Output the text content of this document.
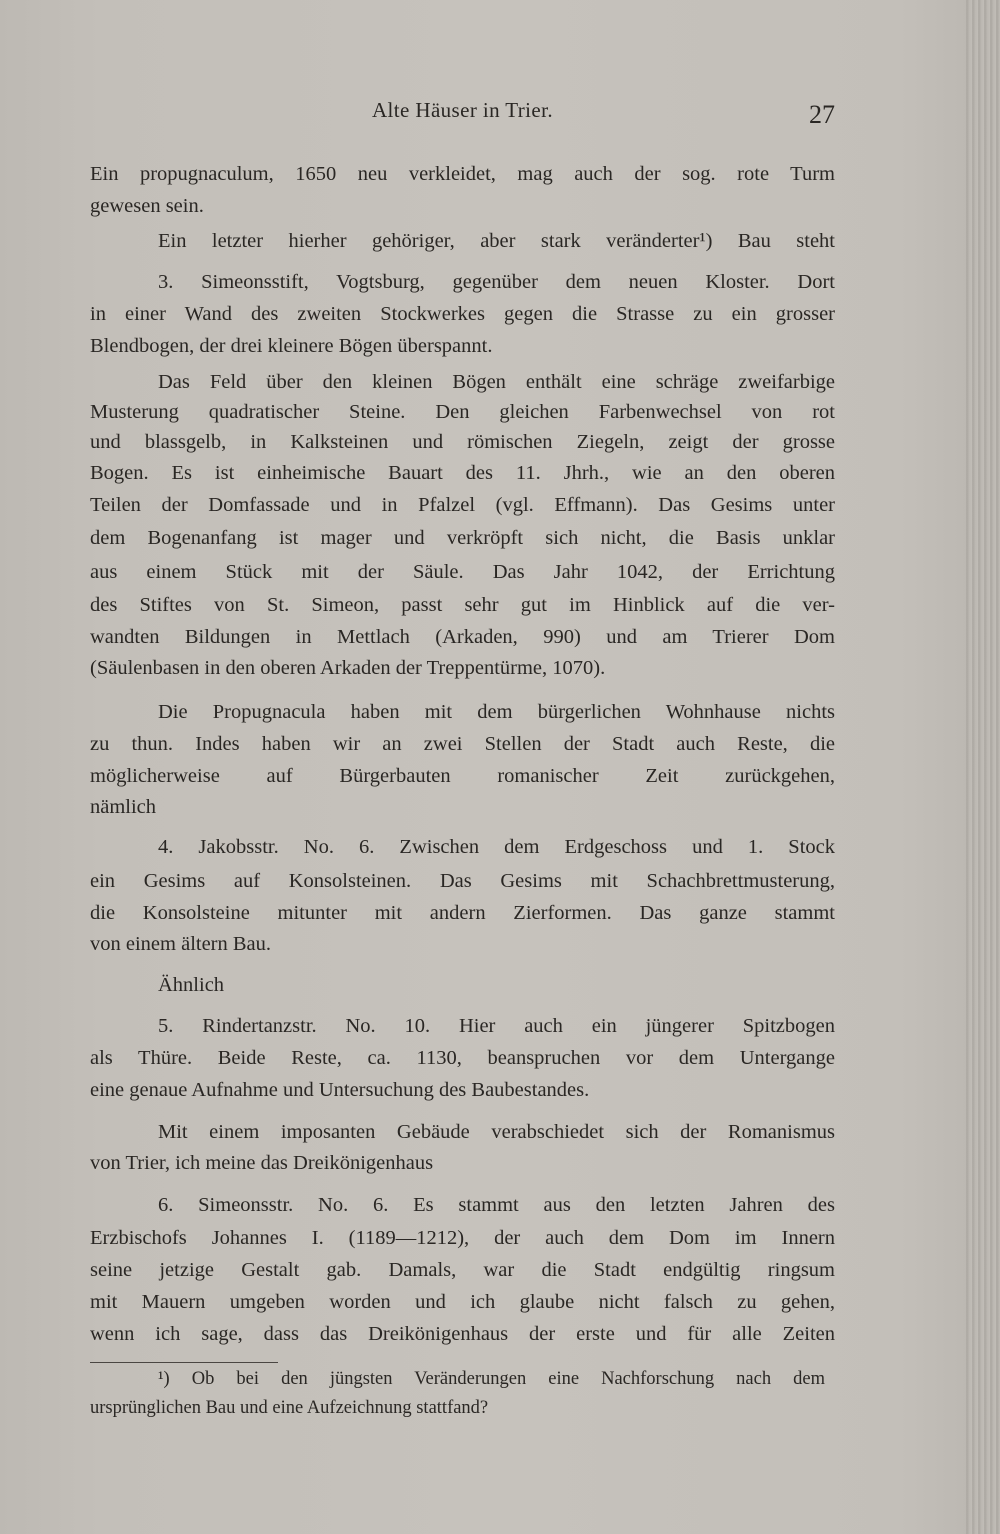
Alte Häuser in Trier.	27
Ein propugnaculum, 1650 neu verkleidet, mag auch der sog. rote Turm
gewesen sein.
Ein letzter hierher gehöriger, aber stark veränderter¹) Bau steht
3. Simeonsstift, Vogtsburg, gegenüber dem neuen Kloster. Dort
in einer Wand des zweiten Stockwerkes gegen die Strasse zu ein grosser
Blendbogen, der drei kleinere Bögen überspannt.
Das Feld über den kleinen Bögen enthält eine schräge zweifarbige
Musterung quadratischer Steine. Den gleichen Farbenwechsel von rot
und blassgelb, in Kalksteinen und römischen Ziegeln, zeigt der grosse
Bogen. Es ist einheimische Bauart des 11. Jhrh., wie an den oberen
Teilen der Domfassade und in Pfalzel (vgl. Effmann). Das Gesims unter
dem Bogenanfang ist mager und verkröpft sich nicht, die Basis unklar
aus einem Stück mit der Säule. Das Jahr 1042, der Errichtung
des Stiftes von St. Simeon, passt sehr gut im Hinblick auf die ver-
wandten Bildungen in Mettlach (Arkaden, 990) und am Trierer Dom
(Säulenbasen in den oberen Arkaden der Treppentürme, 1070).
Die Propugnacula haben mit dem bürgerlichen Wohnhause nichts
zu thun. Indes haben wir an zwei Stellen der Stadt auch Reste, die
möglicherweise auf Bürgerbauten romanischer Zeit zurückgehen,
nämlich
4. Jakobsstr. No. 6. Zwischen dem Erdgeschoss und 1. Stock
ein Gesims auf Konsolsteinen. Das Gesims mit Schachbrettmusterung,
die Konsolsteine mitunter mit andern Zierformen. Das ganze stammt
von einem ältern Bau.
Ähnlich
5. Rindertanzstr. No. 10. Hier auch ein jüngerer Spitzbogen
als Thüre. Beide Reste, ca. 1130, beanspruchen vor dem Untergange
eine genaue Aufnahme und Untersuchung des Baubestandes.
Mit einem imposanten Gebäude verabschiedet sich der Romanismus
von Trier, ich meine das Dreikönigenhaus
6. Simeonsstr. No. 6. Es stammt aus den letzten Jahren des
Erzbischofs Johannes I. (1189—1212), der auch dem Dom im Innern
seine jetzige Gestalt gab. Damals, war die Stadt endgültig ringsum
mit Mauern umgeben worden und ich glaube nicht falsch zu gehen,
wenn ich sage, dass das Dreikönigenhaus der erste und für alle Zeiten
¹) Ob bei den jüngsten Veränderungen eine Nachforschung nach dem
ursprünglichen Bau und eine Aufzeichnung stattfand?
